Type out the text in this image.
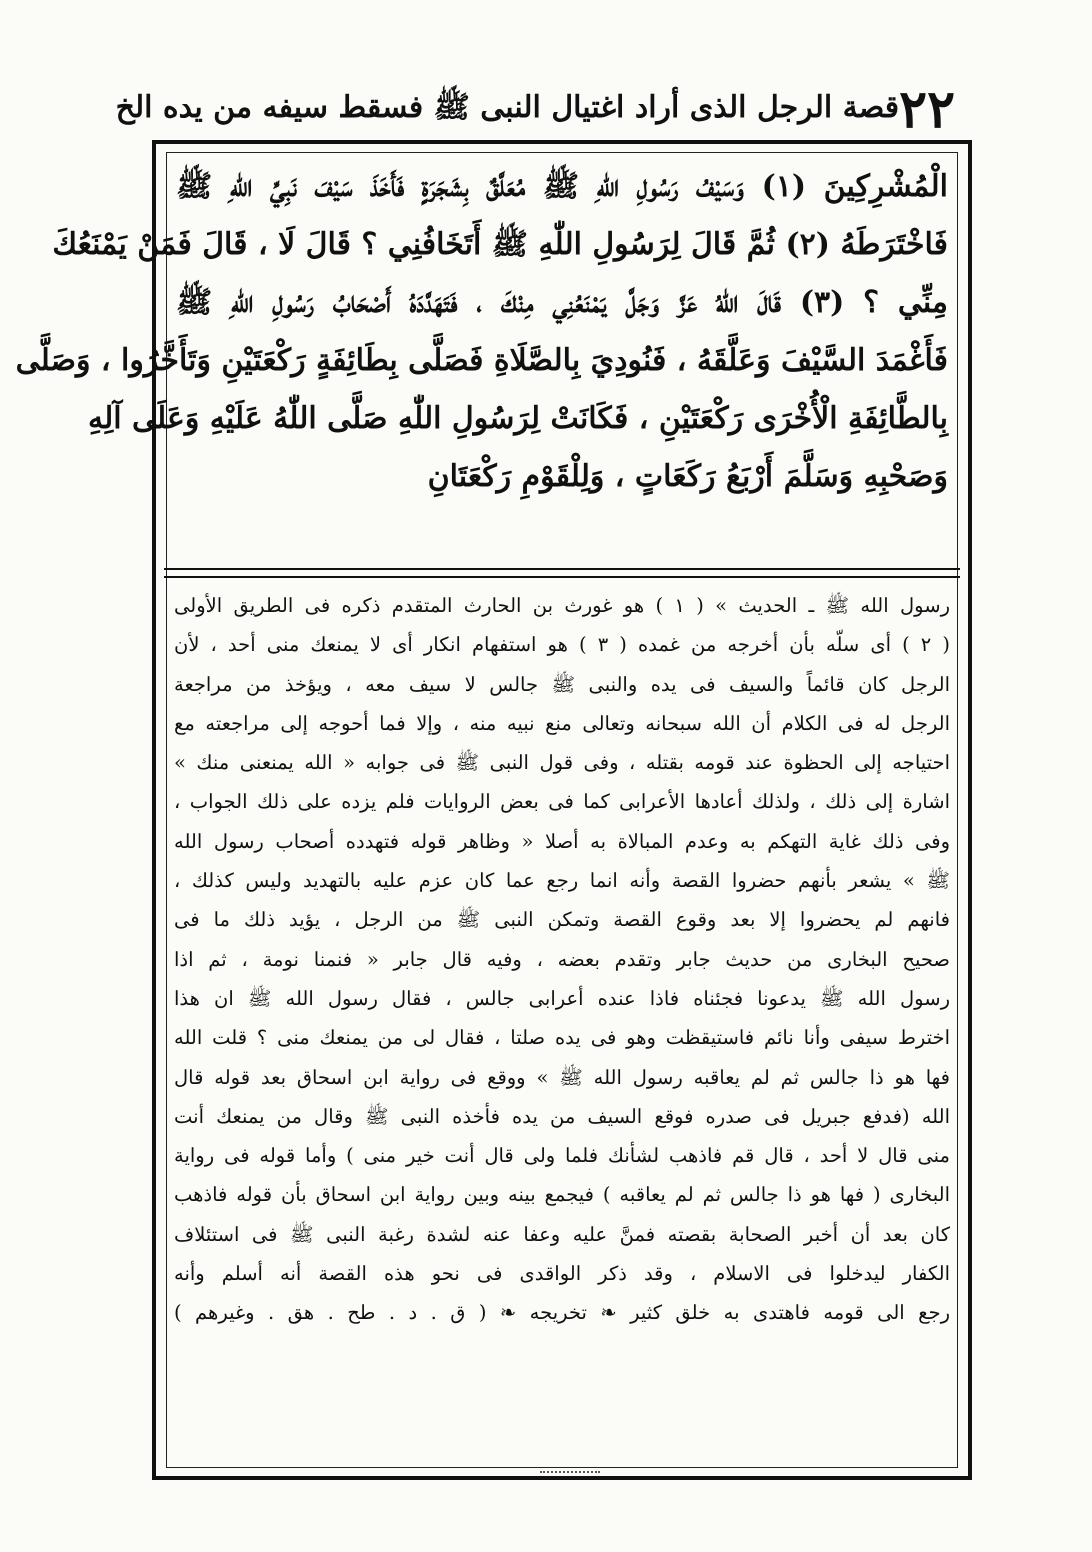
٢٢
قصة الرجل الذى أراد اغتيال النبى ﷺ فسقط سيفه من يده الخ

الْمُشْرِكِينَ (١) وَسَيْفُ رَسُولِ اللّٰهِ ﷺ مُعَلَّقٌ بِشَجَرَةٍ فَأَخَذَ سَيْفَ نَبِيِّ اللّٰهِ ﷺ

فَاخْتَرَطَهُ (٢) ثُمَّ قَالَ لِرَسُولِ اللّٰهِ ﷺ أَتَخَافُنِي ؟ قَالَ لَا ، قَالَ فَمَنْ يَمْنَعُكَ

مِنِّي ؟ (٣) قَالَ اللّٰهُ عَزَّ وَجَلَّ يَمْنَعُنِي مِنْكَ ، فَتَهَدَّدَهُ أَصْحَابُ رَسُولِ اللّٰهِ ﷺ

فَأَغْمَدَ السَّيْفَ وَعَلَّقَهُ ، فَنُودِيَ بِالصَّلَاةِ فَصَلَّى بِطَائِفَةٍ رَكْعَتَيْنِ وَتَأَخَّرُوا ، وَصَلَّى

بِالطَّائِفَةِ الْأُخْرَى رَكْعَتَيْنِ ، فَكَانَتْ لِرَسُولِ اللّٰهِ صَلَّى اللّٰهُ عَلَيْهِ وَعَلَى آلِهِ

وَصَحْبِهِ وَسَلَّمَ أَرْبَعُ رَكَعَاتٍ ، وَلِلْقَوْمِ رَكْعَتَانِ

رسول الله ﷺ ـ الحديث » ( ١ ) هو غورث بن الحارث المتقدم ذكره فى الطريق الأولى

( ٢ ) أى سلّه بأن أخرجه من غمده ( ٣ ) هو استفهام انكار أى لا يمنعك منى أحد ، لأن

الرجل كان قائماً والسيف فى يده والنبى ﷺ جالس لا سيف معه ، ويؤخذ من مراجعة

الرجل له فى الكلام أن الله سبحانه وتعالى منع نبيه منه ، وإلا فما أحوجه إلى مراجعته مع

احتياجه إلى الحظوة عند قومه بقتله ، وفى قول النبى ﷺ فى جوابه « الله يمنعنى منك »

اشارة إلى ذلك ، ولذلك أعادها الأعرابى كما فى بعض الروايات فلم يزده على ذلك الجواب ،

وفى ذلك غاية التهكم به وعدم المبالاة به أصلا « وظاهر قوله فتهدده أصحاب رسول الله

ﷺ » يشعر بأنهم حضروا القصة وأنه انما رجع عما كان عزم عليه بالتهديد وليس كذلك ،

فانهم لم يحضروا إلا بعد وقوع القصة وتمكن النبى ﷺ من الرجل ، يؤيد ذلك ما فى

صحيح البخارى من حديث جابر وتقدم بعضه ، وفيه قال جابر « فنمنا نومة ، ثم اذا

رسول الله ﷺ يدعونا فجئناه فاذا عنده أعرابى جالس ، فقال رسول الله ﷺ ان هذا

اخترط سيفى وأنا نائم فاستيقظت وهو فى يده صلتا ، فقال لى من يمنعك منى ؟ قلت الله

فها هو ذا جالس ثم لم يعاقبه رسول الله ﷺ » ووقع فى رواية ابن اسحاق بعد قوله قال

الله (فدفع جبريل فى صدره فوقع السيف من يده فأخذه النبى ﷺ وقال من يمنعك أنت

منى قال لا أحد ، قال قم فاذهب لشأنك فلما ولى قال أنت خير منى ) وأما قوله فى رواية

البخارى ( فها هو ذا جالس ثم لم يعاقبه ) فيجمع بينه وبين رواية ابن اسحاق بأن قوله فاذهب

كان بعد أن أخبر الصحابة بقصته فمنَّ عليه وعفا عنه لشدة رغبة النبى ﷺ فى استئلاف

الكفار ليدخلوا فى الاسلام ، وقد ذكر الواقدى فى نحو هذه القصة أنه أسلم وأنه

رجع الى قومه فاهتدى به خلق كثير ❧ تخريجه ❧ ( ق . د . طح . هق . وغيرهم )
